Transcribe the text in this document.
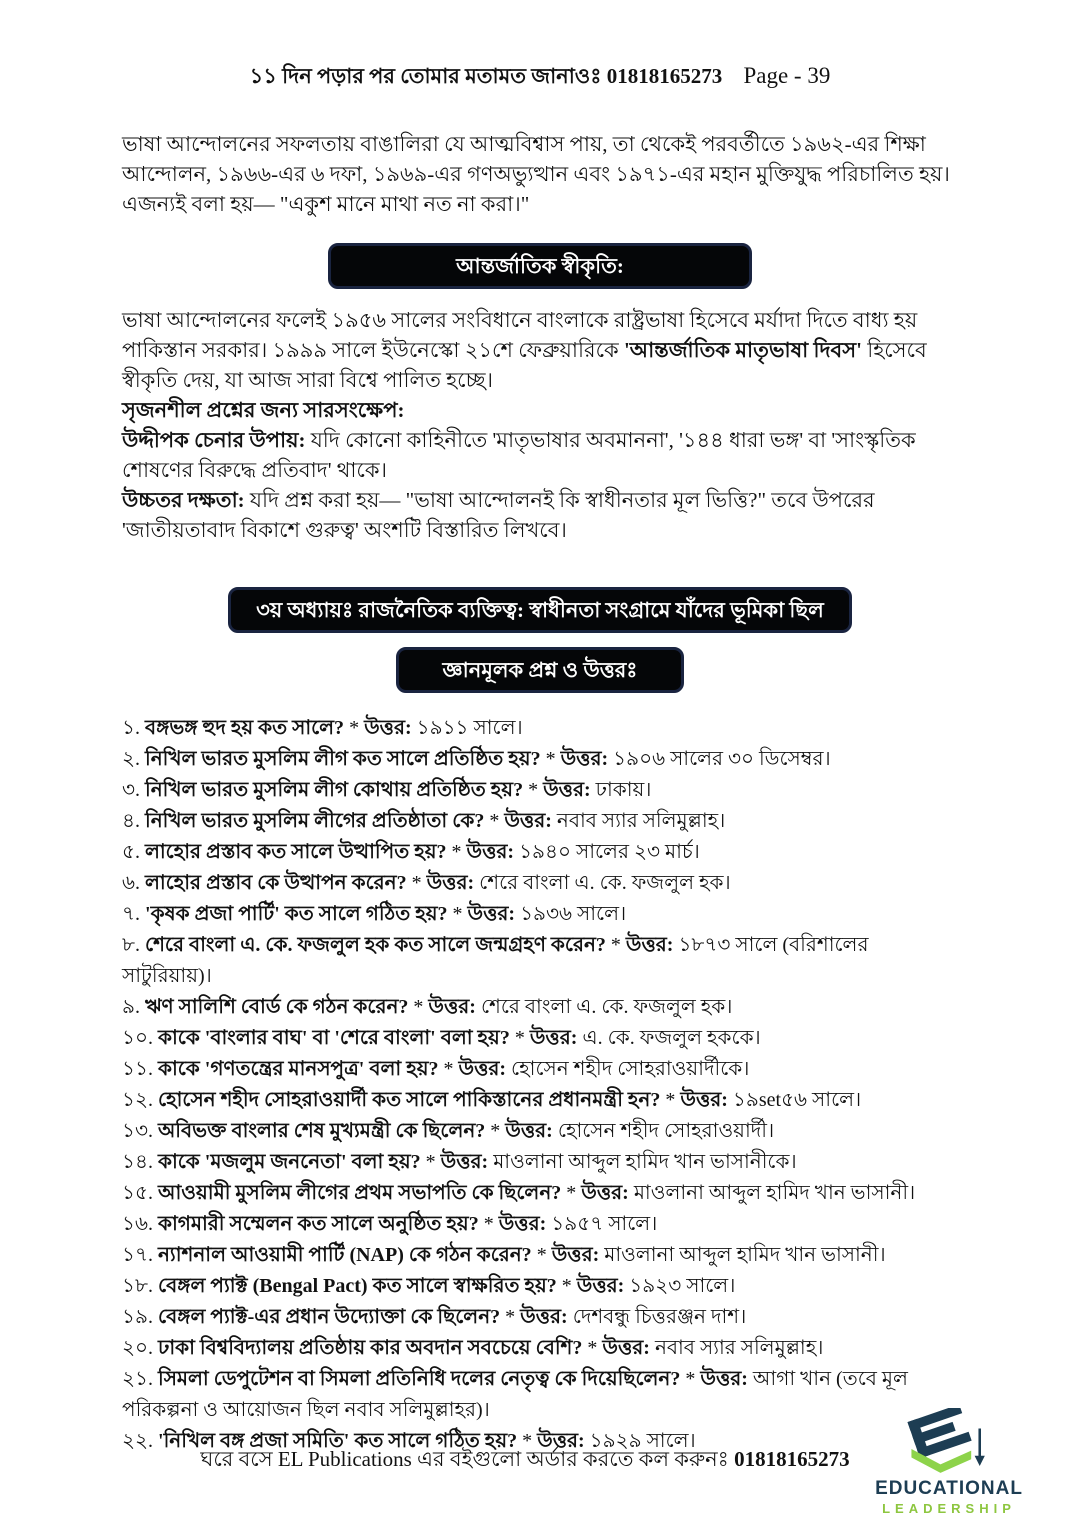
১১ দিন পড়ার পর তোমার মতামত জানাওঃ 01818165273 Page - 39

ভাষা আন্দোলনের সফলতায় বাঙালিরা যে আত্মবিশ্বাস পায়, তা থেকেই পরবর্তীতে ১৯৬২-এর শিক্ষা আন্দোলন, ১৯৬৬-এর ৬ দফা, ১৯৬৯-এর গণঅভ্যুত্থান এবং ১৯৭১-এর মহান মুক্তিযুদ্ধ পরিচালিত হয়। এজন্যই বলা হয়— "একুশ মানে মাথা নত না করা।"

আন্তর্জাতিক স্বীকৃতি:

ভাষা আন্দোলনের ফলেই ১৯৫৬ সালের সংবিধানে বাংলাকে রাষ্ট্রভাষা হিসেবে মর্যাদা দিতে বাধ্য হয় পাকিস্তান সরকার। ১৯৯৯ সালে ইউনেস্কো ২১শে ফেব্রুয়ারিকে 'আন্তর্জাতিক মাতৃভাষা দিবস' হিসেবে স্বীকৃতি দেয়, যা আজ সারা বিশ্বে পালিত হচ্ছে।

সৃজনশীল প্রশ্নের জন্য সারসংক্ষেপ:

উদ্দীপক চেনার উপায়: যদি কোনো কাহিনীতে 'মাতৃভাষার অবমাননা', '১৪৪ ধারা ভঙ্গ' বা 'সাংস্কৃতিক শোষণের বিরুদ্ধে প্রতিবাদ' থাকে।

উচ্চতর দক্ষতা: যদি প্রশ্ন করা হয়— "ভাষা আন্দোলনই কি স্বাধীনতার মূল ভিত্তি?" তবে উপরের 'জাতীয়তাবাদ বিকাশে গুরুত্ব' অংশটি বিস্তারিত লিখবে।

৩য় অধ্যায়ঃ রাজনৈতিক ব্যক্তিত্ব: স্বাধীনতা সংগ্রামে যাঁদের ভূমিকা ছিল
জ্ঞানমূলক প্রশ্ন ও উত্তরঃ
১. বঙ্গভঙ্গ হুদ হয় কত সালে? * উত্তর: ১৯১১ সালে।
২. নিখিল ভারত মুসলিম লীগ কত সালে প্রতিষ্ঠিত হয়? * উত্তর: ১৯০৬ সালের ৩০ ডিসেম্বর।
৩. নিখিল ভারত মুসলিম লীগ কোথায় প্রতিষ্ঠিত হয়? * উত্তর: ঢাকায়।
৪. নিখিল ভারত মুসলিম লীগের প্রতিষ্ঠাতা কে? * উত্তর: নবাব স্যার সলিমুল্লাহ।
৫. লাহোর প্রস্তাব কত সালে উত্থাপিত হয়? * উত্তর: ১৯৪০ সালের ২৩ মার্চ।
৬. লাহোর প্রস্তাব কে উত্থাপন করেন? * উত্তর: শেরে বাংলা এ. কে. ফজলুল হক।
৭. 'কৃষক প্রজা পার্টি' কত সালে গঠিত হয়? * উত্তর: ১৯৩৬ সালে।
৮. শেরে বাংলা এ. কে. ফজলুল হক কত সালে জন্মগ্রহণ করেন? * উত্তর: ১৮৭৩ সালে (বরিশালের সাটুরিয়ায়)।
৯. ঋণ সালিশি বোর্ড কে গঠন করেন? * উত্তর: শেরে বাংলা এ. কে. ফজলুল হক।
১০. কাকে 'বাংলার বাঘ' বা 'শেরে বাংলা' বলা হয়? * উত্তর: এ. কে. ফজলুল হককে।
১১. কাকে 'গণতন্ত্রের মানসপুত্র' বলা হয়? * উত্তর: হোসেন শহীদ সোহরাওয়ার্দীকে।
১২. হোসেন শহীদ সোহরাওয়ার্দী কত সালে পাকিস্তানের প্রধানমন্ত্রী হন? * উত্তর: ১৯set৫৬ সালে।
১৩. অবিভক্ত বাংলার শেষ মুখ্যমন্ত্রী কে ছিলেন? * উত্তর: হোসেন শহীদ সোহরাওয়ার্দী।
১৪. কাকে 'মজলুম জননেতা' বলা হয়? * উত্তর: মাওলানা আব্দুল হামিদ খান ভাসানীকে।
১৫. আওয়ামী মুসলিম লীগের প্রথম সভাপতি কে ছিলেন? * উত্তর: মাওলানা আব্দুল হামিদ খান ভাসানী।
১৬. কাগমারী সম্মেলন কত সালে অনুষ্ঠিত হয়? * উত্তর: ১৯৫৭ সালে।
১৭. ন্যাশনাল আওয়ামী পার্টি (NAP) কে গঠন করেন? * উত্তর: মাওলানা আব্দুল হামিদ খান ভাসানী।
১৮. বেঙ্গল প্যাক্ট (Bengal Pact) কত সালে স্বাক্ষরিত হয়? * উত্তর: ১৯২৩ সালে।
১৯. বেঙ্গল প্যাক্ট-এর প্রধান উদ্যোক্তা কে ছিলেন? * উত্তর: দেশবন্ধু চিত্তরঞ্জন দাশ।
২০. ঢাকা বিশ্ববিদ্যালয় প্রতিষ্ঠায় কার অবদান সবচেয়ে বেশি? * উত্তর: নবাব স্যার সলিমুল্লাহ।
২১. সিমলা ডেপুটেশন বা সিমলা প্রতিনিধি দলের নেতৃত্ব কে দিয়েছিলেন? * উত্তর: আগা খান (তবে মূল পরিকল্পনা ও আয়োজন ছিল নবাব সলিমুল্লাহর)।
২২. 'নিখিল বঙ্গ প্রজা সমিতি' কত সালে গঠিত হয়? * উত্তর: ১৯২৯ সালে।
ঘরে বসে EL Publications এর বইগুলো অর্ডার করতে কল করুনঃ 01818165273
EDUCATIONAL
LEADERSHIP
